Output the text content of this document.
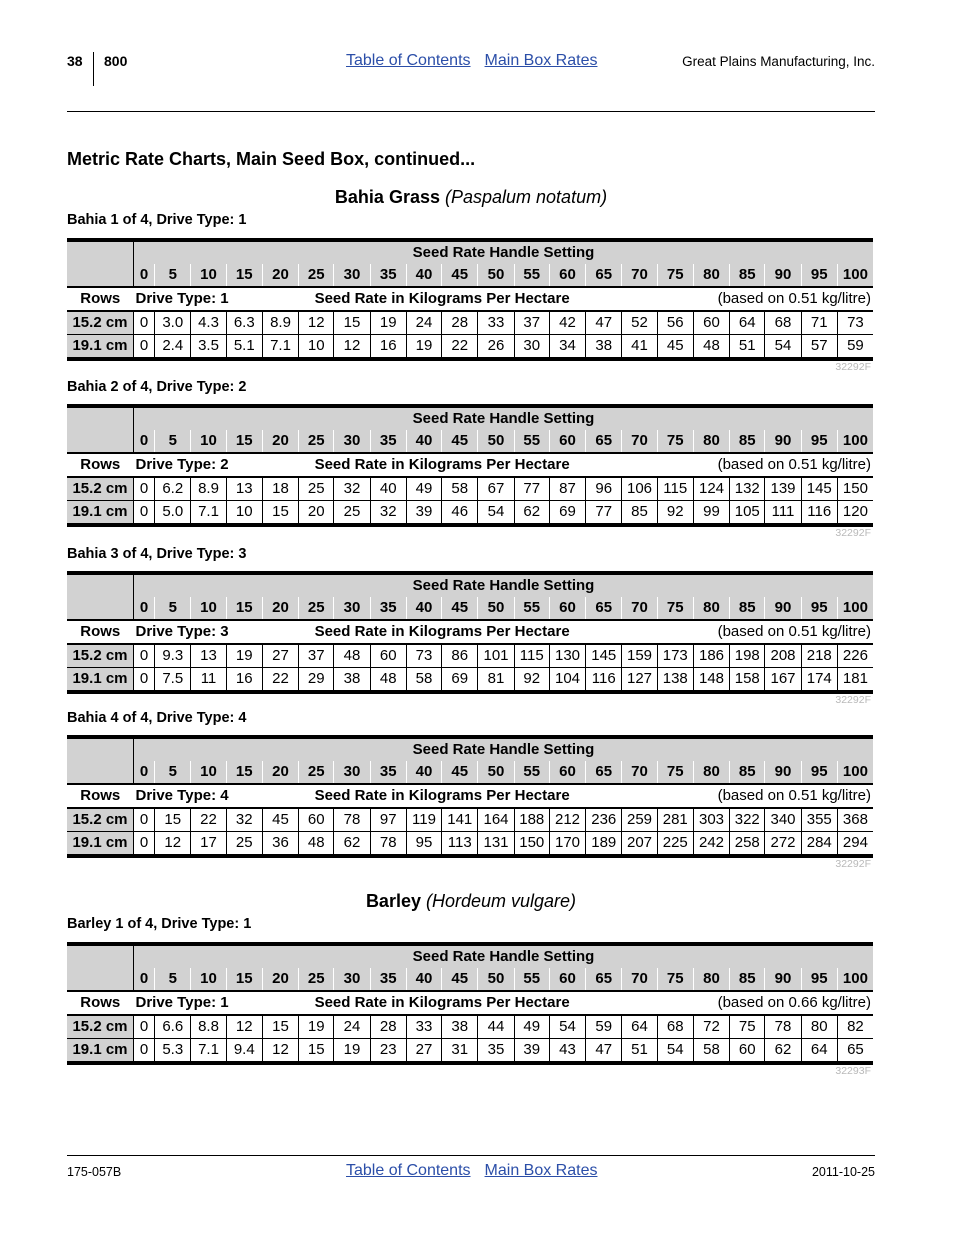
38 800	Table of Contents Main Box Rates	Great Plains Manufacturing, Inc.
Metric Rate Charts, Main Seed Box, continued...
Bahia Grass (Paspalum notatum)
Barley (Hordeum vulgare)
Bahia 1 of 4, Drive Type: 1
	Seed Rate Handle Setting																				
	0	5	10	15	20	25	30	35	40	45	50	55	60	65	70	75	80	85	90	95	100
Rows	Drive Type: 1				Seed Rate in Kilograms Per Hectare										(based on 0.51 kg/litre)						
15.2 cm	0	3.0	4.3	6.3	8.9	12	15	19	24	28	33	37	42	47	52	56	60	64	68	71	73
19.1 cm	0	2.4	3.5	5.1	7.1	10	12	16	19	22	26	30	34	38	41	45	48	51	54	57	59
32292F
Bahia 2 of 4, Drive Type: 2
	Seed Rate Handle Setting																				
	0	5	10	15	20	25	30	35	40	45	50	55	60	65	70	75	80	85	90	95	100
Rows	Drive Type: 2				Seed Rate in Kilograms Per Hectare										(based on 0.51 kg/litre)						
15.2 cm	0	6.2	8.9	13	18	25	32	40	49	58	67	77	87	96	106	115	124	132	139	145	150
19.1 cm	0	5.0	7.1	10	15	20	25	32	39	46	54	62	69	77	85	92	99	105	111	116	120
32292F
Bahia 3 of 4, Drive Type: 3
	Seed Rate Handle Setting																				
	0	5	10	15	20	25	30	35	40	45	50	55	60	65	70	75	80	85	90	95	100
Rows	Drive Type: 3				Seed Rate in Kilograms Per Hectare										(based on 0.51 kg/litre)						
15.2 cm	0	9.3	13	19	27	37	48	60	73	86	101	115	130	145	159	173	186	198	208	218	226
19.1 cm	0	7.5	11	16	22	29	38	48	58	69	81	92	104	116	127	138	148	158	167	174	181
32292F
Bahia 4 of 4, Drive Type: 4
	Seed Rate Handle Setting																				
	0	5	10	15	20	25	30	35	40	45	50	55	60	65	70	75	80	85	90	95	100
Rows	Drive Type: 4				Seed Rate in Kilograms Per Hectare										(based on 0.51 kg/litre)						
15.2 cm	0	15	22	32	45	60	78	97	119	141	164	188	212	236	259	281	303	322	340	355	368
19.1 cm	0	12	17	25	36	48	62	78	95	113	131	150	170	189	207	225	242	258	272	284	294
32292F
Barley 1 of 4, Drive Type: 1
	Seed Rate Handle Setting																				
	0	5	10	15	20	25	30	35	40	45	50	55	60	65	70	75	80	85	90	95	100
Rows	Drive Type: 1				Seed Rate in Kilograms Per Hectare										(based on 0.66 kg/litre)						
15.2 cm	0	6.6	8.8	12	15	19	24	28	33	38	44	49	54	59	64	68	72	75	78	80	82
19.1 cm	0	5.3	7.1	9.4	12	15	19	23	27	31	35	39	43	47	51	54	58	60	62	64	65
32293F
175-057B	Table of Contents Main Box Rates	2011-10-25
